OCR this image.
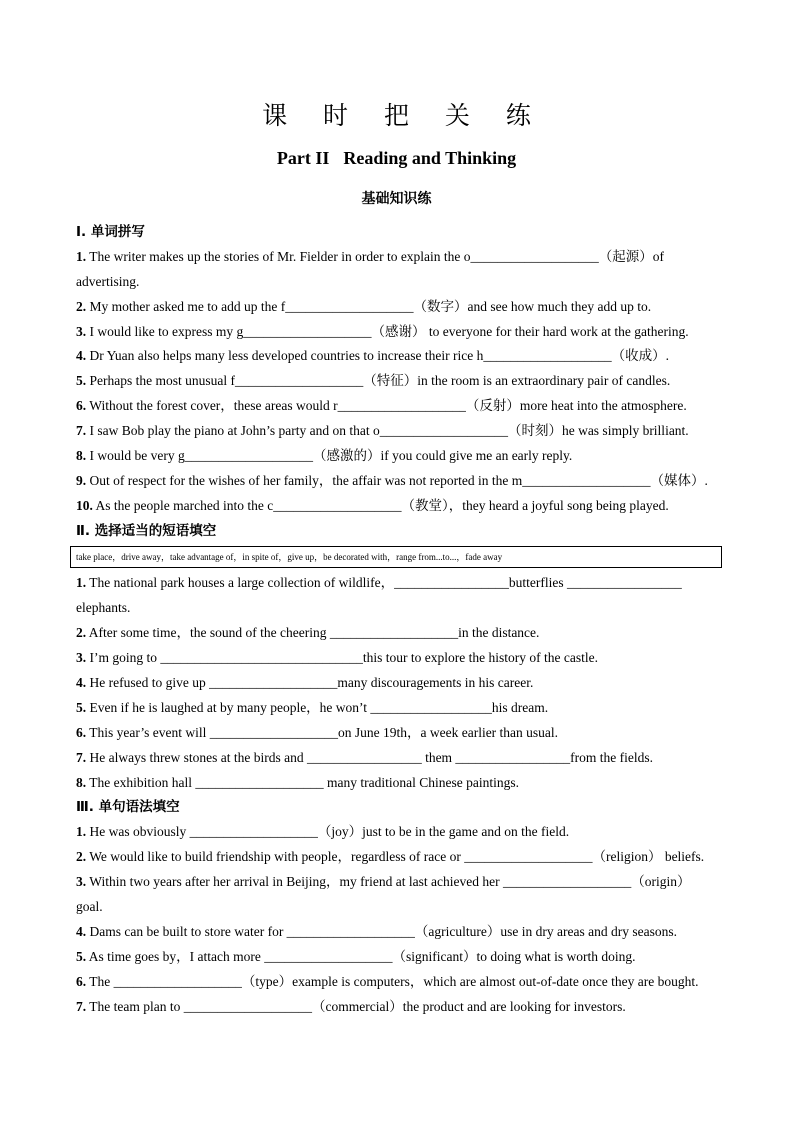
课 时 把 关 练
Part II Reading and Thinking
基础知识练
Ⅰ. 单词拼写
1. The writer makes up the stories of Mr. Fielder in order to explain the o___________________（起源）of
advertising.
2. My mother asked me to add up the f___________________（数字）and see how much they add up to.
3. I would like to express my g___________________（感谢） to everyone for their hard work at the gathering.
4. Dr Yuan also helps many less developed countries to increase their rice h___________________（收成）.
5. Perhaps the most unusual f___________________（特征）in the room is an extraordinary pair of candles.
6. Without the forest cover，these areas would r___________________（反射）more heat into the atmosphere.
7. I saw Bob play the piano at John’s party and on that o___________________（时刻）he was simply brilliant.
8. I would be very g___________________（感激的）if you could give me an early reply.
9. Out of respect for the wishes of her family，the affair was not reported in the m___________________（媒体）.
10. As the people marched into the c___________________（教堂），they heard a joyful song being played.
Ⅱ. 选择适当的短语填空
take place，drive away，take advantage of，in spite of，give up，be decorated with，range from...to...，fade away
1. The national park houses a large collection of wildlife，_________________butterflies _________________
elephants.
2. After some time，the sound of the cheering ___________________in the distance.
3. I’m going to ______________________________this tour to explore the history of the castle.
4. He refused to give up ___________________many discouragements in his career.
5. Even if he is laughed at by many people，he won’t __________________his dream.
6. This year’s event will ___________________on June 19th，a week earlier than usual.
7. He always threw stones at the birds and _________________ them _________________from the fields.
8. The exhibition hall ___________________ many traditional Chinese paintings.
Ⅲ. 单句语法填空
1. He was obviously ___________________（joy）just to be in the game and on the field.
2. We would like to build friendship with people，regardless of race or ___________________（religion） beliefs.
3. Within two years after her arrival in Beijing，my friend at last achieved her ___________________（origin）
goal.
4. Dams can be built to store water for ___________________（agriculture）use in dry areas and dry seasons.
5. As time goes by，I attach more ___________________（significant）to doing what is worth doing.
6. The ___________________（type）example is computers，which are almost out-of-date once they are bought.
7. The team plan to ___________________（commercial）the product and are looking for investors.
